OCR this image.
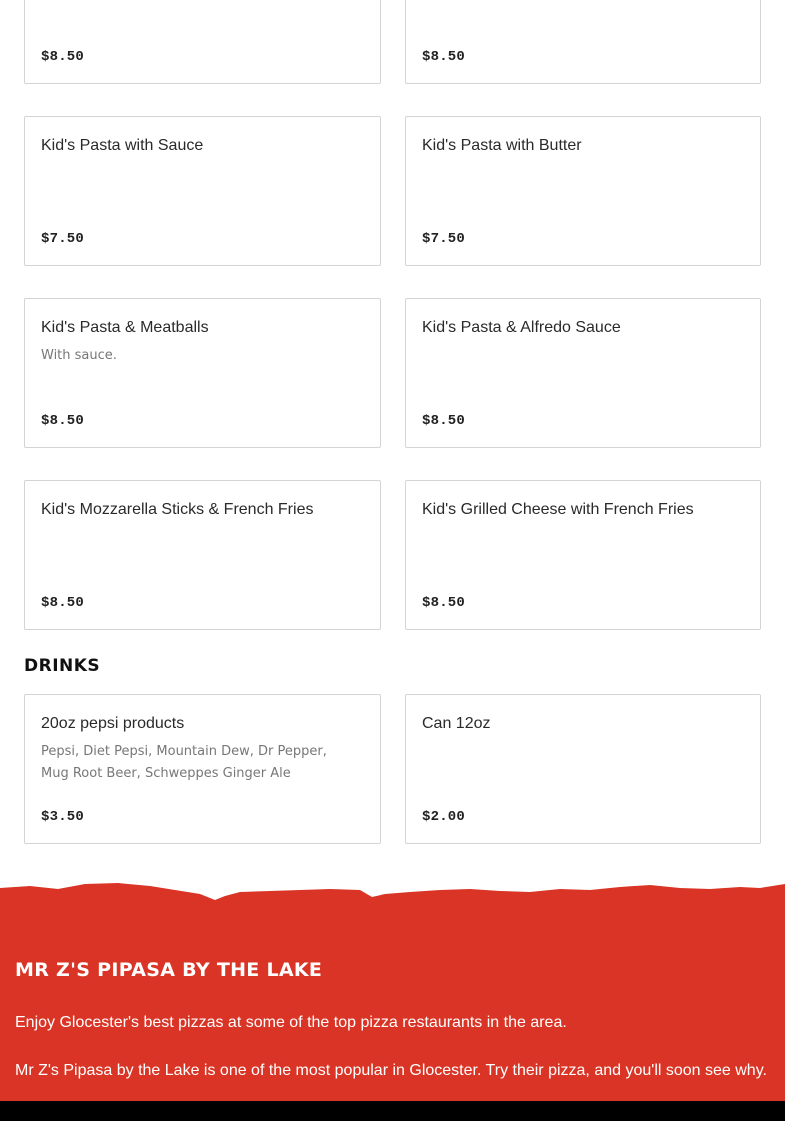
$8.50	$8.50
Kid's Pasta with Sauce
$7.50
Kid's Pasta with Butter
$7.50
Kid's Pasta & Meatballs
With sauce.
$8.50
Kid's Pasta & Alfredo Sauce
$8.50
Kid's Mozzarella Sticks & French Fries
$8.50
Kid's Grilled Cheese with French Fries
$8.50
DRINKS
20oz pepsi products
Pepsi, Diet Pepsi, Mountain Dew, Dr Pepper, Mug Root Beer, Schweppes Ginger Ale
$3.50
Can 12oz
$2.00
MR Z'S PIPASA BY THE LAKE
Enjoy Glocester's best pizzas at some of the top pizza restaurants in the area.
Mr Z's Pipasa by the Lake is one of the most popular in Glocester. Try their pizza, and you'll soon see why.
